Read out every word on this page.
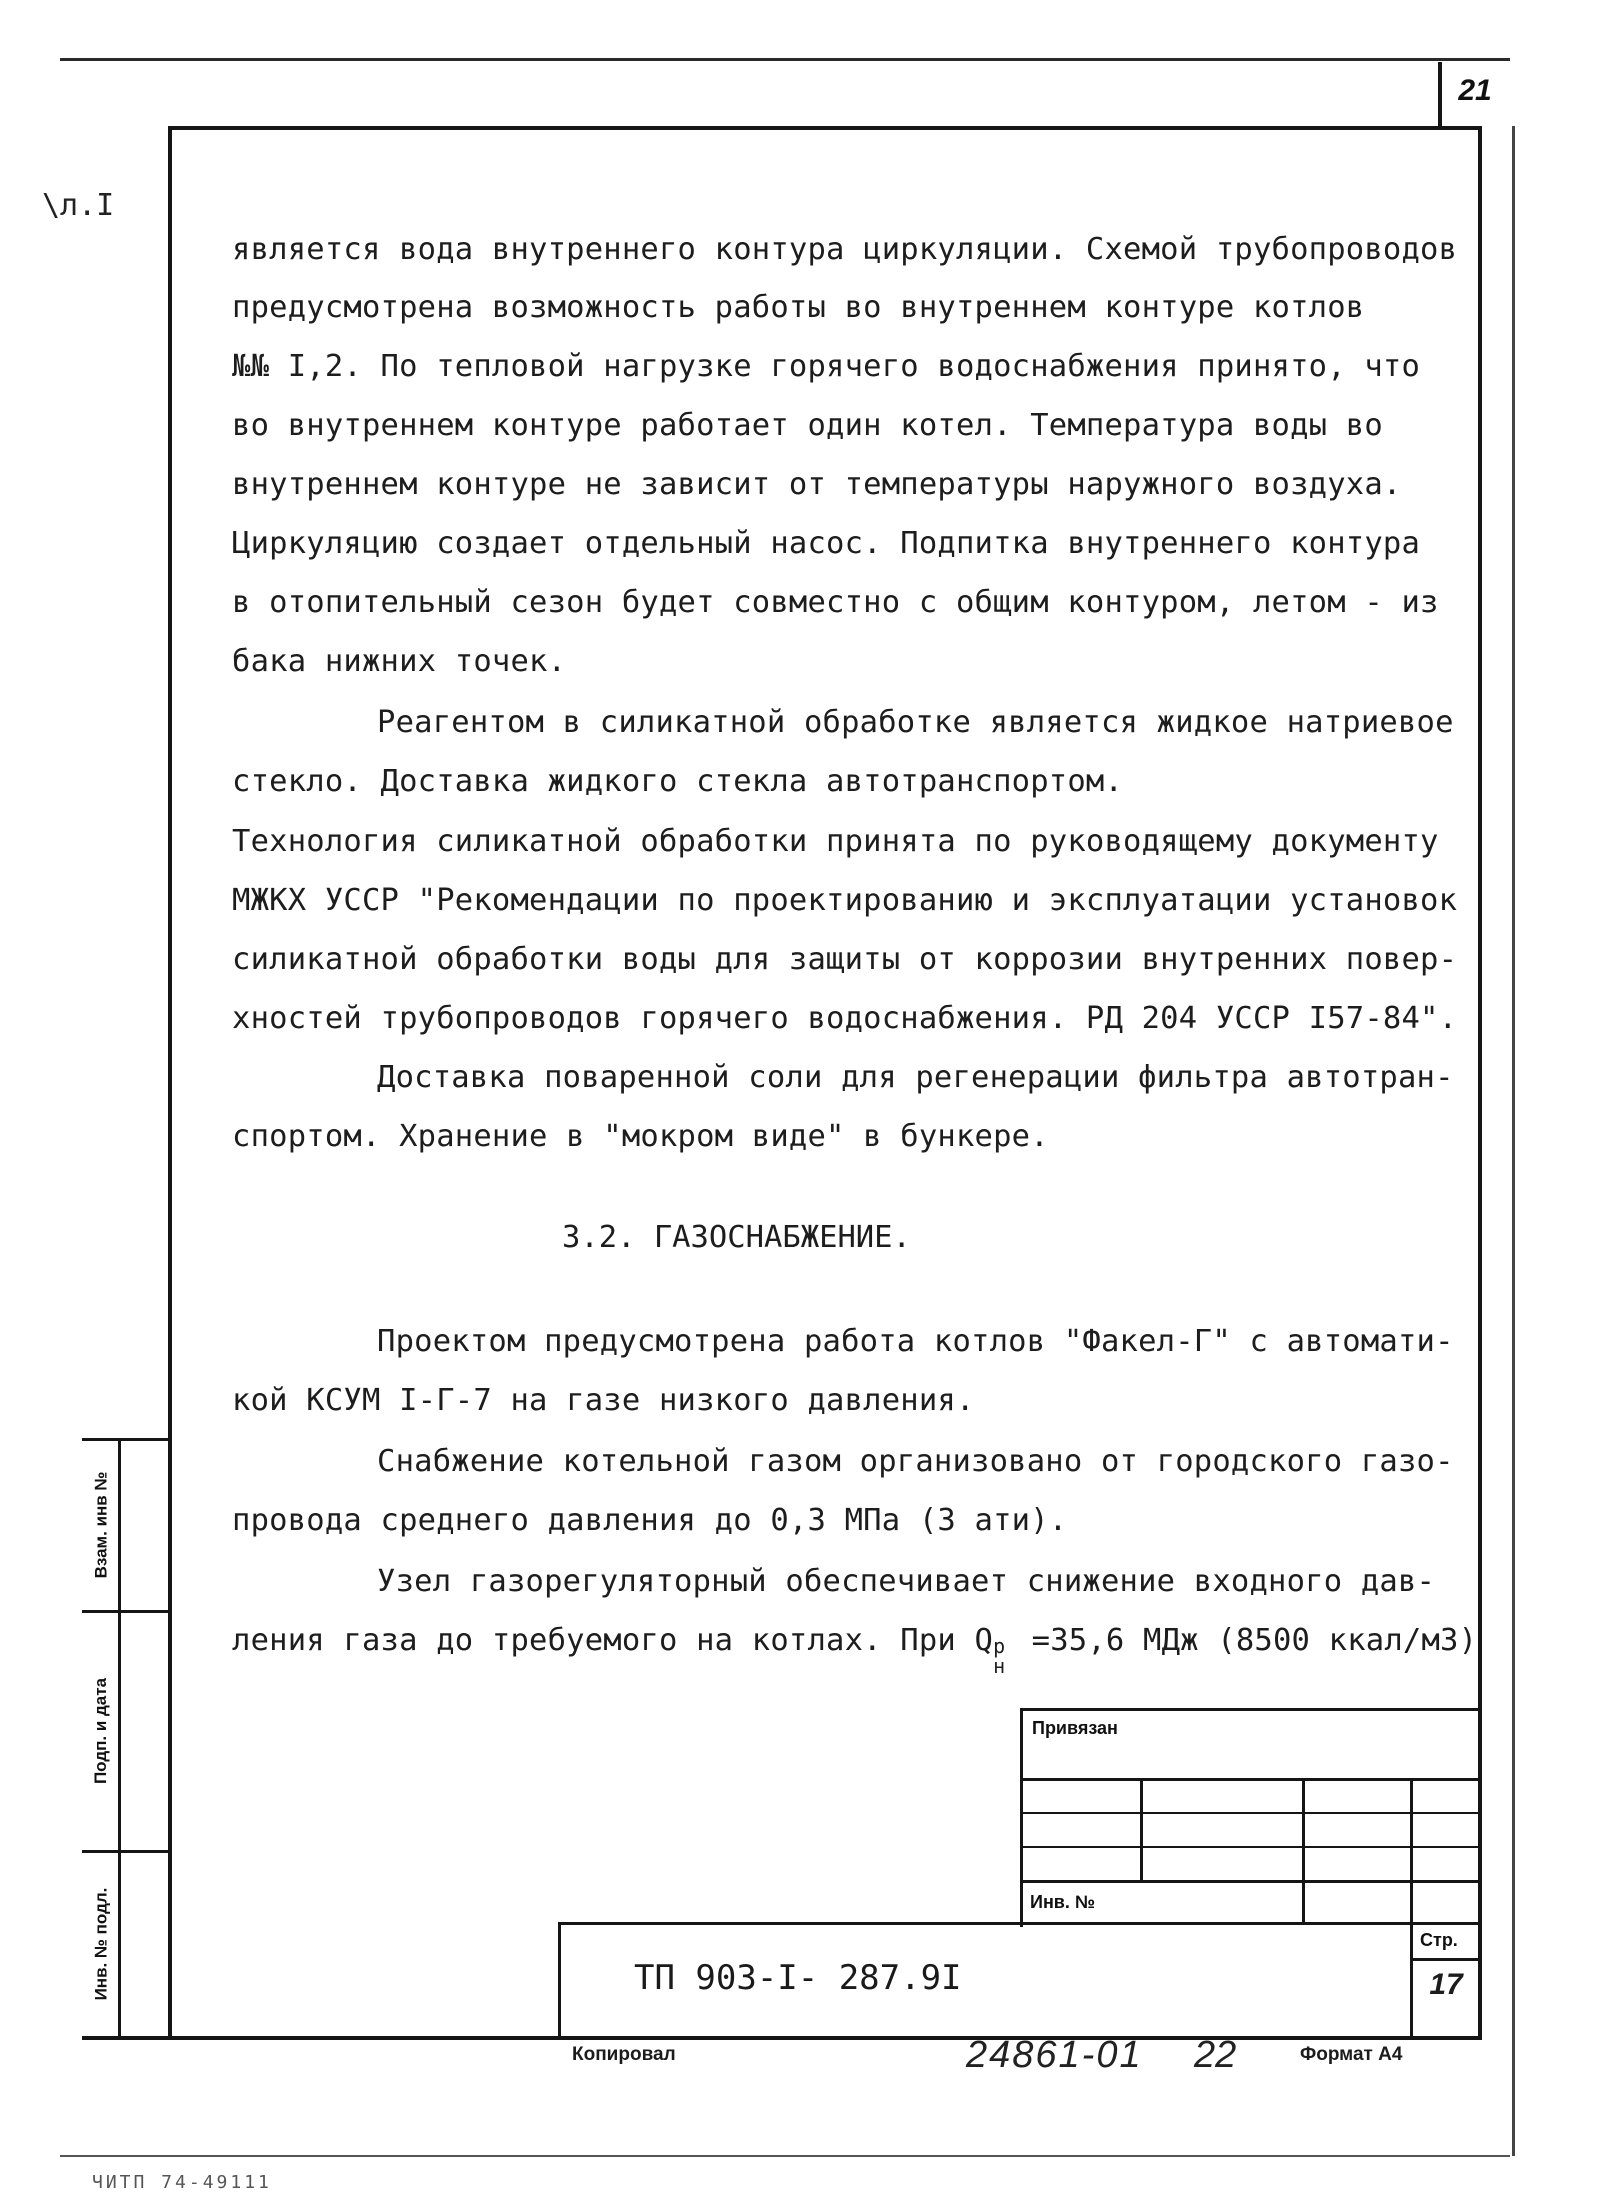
21
\л.I
является вода внутреннего контура циркуляции. Схемой трубопроводов
предусмотрена возможность работы во внутреннем контуре котлов
№№ I,2. По тепловой нагрузке горячего водоснабжения принято, что
во внутреннем контуре работает один котел. Температура воды во
внутреннем контуре не зависит от температуры наружного воздуха.
Циркуляцию создает отдельный насос. Подпитка внутреннего контура
в отопительный сезон будет совместно с общим контуром, летом - из
бака нижних точек.
Реагентом в силикатной обработке является жидкое натриевое
стекло. Доставка жидкого стекла автотранспортом.
Технология силикатной обработки принята по руководящему документу
МЖКХ УССР "Рекомендации по проектированию и эксплуатации установок
силикатной обработки воды для защиты от коррозии внутренних повер-
хностей трубопроводов горячего водоснабжения. РД 204 УССР I57-84".
Доставка поваренной соли для регенерации фильтра автотран-
спортом. Хранение в "мокром виде" в бункере.
3.2. ГАЗОСНАБЖЕНИЕ.
Проектом предусмотрена работа котлов "Факел-Г" с автомати-
кой КСУМ I-Г-7 на газе низкого давления.
Снабжение котельной газом организовано от городского газо-
провода среднего давления до 0,3 МПа (3 ати).
Узел газорегуляторный обеспечивает снижение входного дав-
ления газа до требуемого на котлах. При Q р
н
=35,6 МДж (8500 ккал/м3)
Взам. инв №
Подп. и дата
Инв. № подл.
Привязан
Инв. №
Стр.
ТП 903-I- 287.9I	17
Копировал	24861-01 22	Формат А4
ЧИТП 74-49111
